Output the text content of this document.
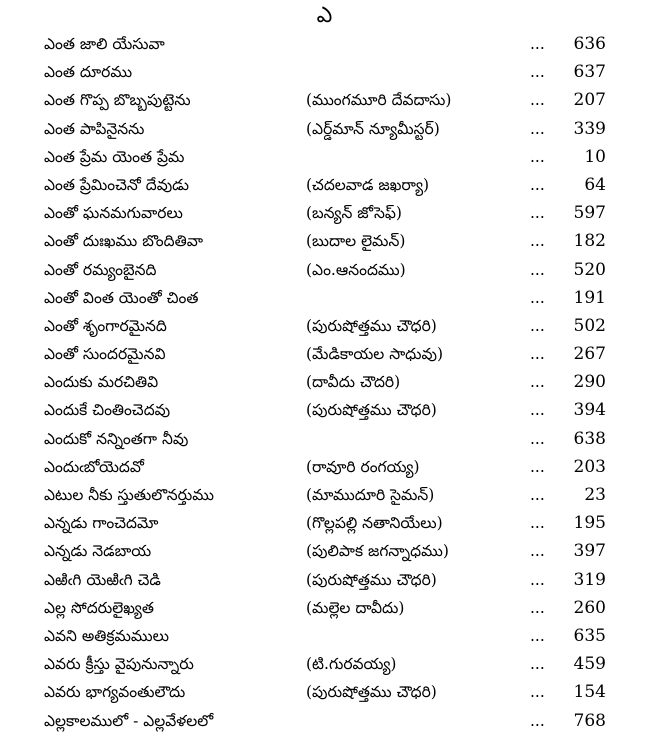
ఎ
ఎంత జాలి యేసువా	... 636
ఎంత దూరము	... 637
ఎంత గొప్ప బొబ్బపుట్టెను	(ముంగమూరి దేవదాసు)	... 207
ఎంత పాపినైనను	(ఎర్డ్‌మాన్ న్యూమీస్టర్)	... 339
ఎంత ప్రేమ యెంత ప్రేమ	... 10
ఎంత ప్రేమించెనో దేవుడు	(చదలవాడ జఖర్యా)	... 64
ఎంతో ఘనమగువారలు	(బన్యన్ జోసెఫ్)	... 597
ఎంతో దుఃఖము బొందితివా	(బుదాల లైమన్)	... 182
ఎంతో రమ్యంబైనది	(ఎం.ఆనందము)	... 520
ఎంతో వింత యెంతో చింత	... 191
ఎంతో శృంగారమైనది	(పురుషోత్తము చౌధరి)	... 502
ఎంతో సుందరమైనవి	(మేడికాయల సాధువు)	... 267
ఎందుకు మరచితివి	(దావీదు చౌదరి)	... 290
ఎందుకే చింతించెదవు	(పురుషోత్తము చౌధరి)	... 394
ఎందుకో నన్నింతగా నీవు	... 638
ఎందుఁబోయెదవో	(రావూరి రంగయ్య)	... 203
ఎటుల నీకు స్తుతులొనర్తుము	(మాముదూరి సైమన్)	... 23
ఎన్నడు గాంచెదమో	(గొల్లపల్లి నతానియేలు)	... 195
ఎన్నడు నెడబాయ	(పులిపాక జగన్నాధము)	... 397
ఎఱిఁగి యెఱిఁగి చెడి	(పురుషోత్తము చౌధరి)	... 319
ఎల్ల సోదరులైఖ్యత	(మల్లెల దావీదు)	... 260
ఎవని అతిక్రమములు	... 635
ఎవరు క్రీస్తు వైపునున్నారు	(టి.గురవయ్య)	... 459
ఎవరు భాగ్యవంతులౌదు	(పురుషోత్తము చౌధరి)	... 154
ఎల్లకాలములో - ఎల్లవేళలలో	... 768
